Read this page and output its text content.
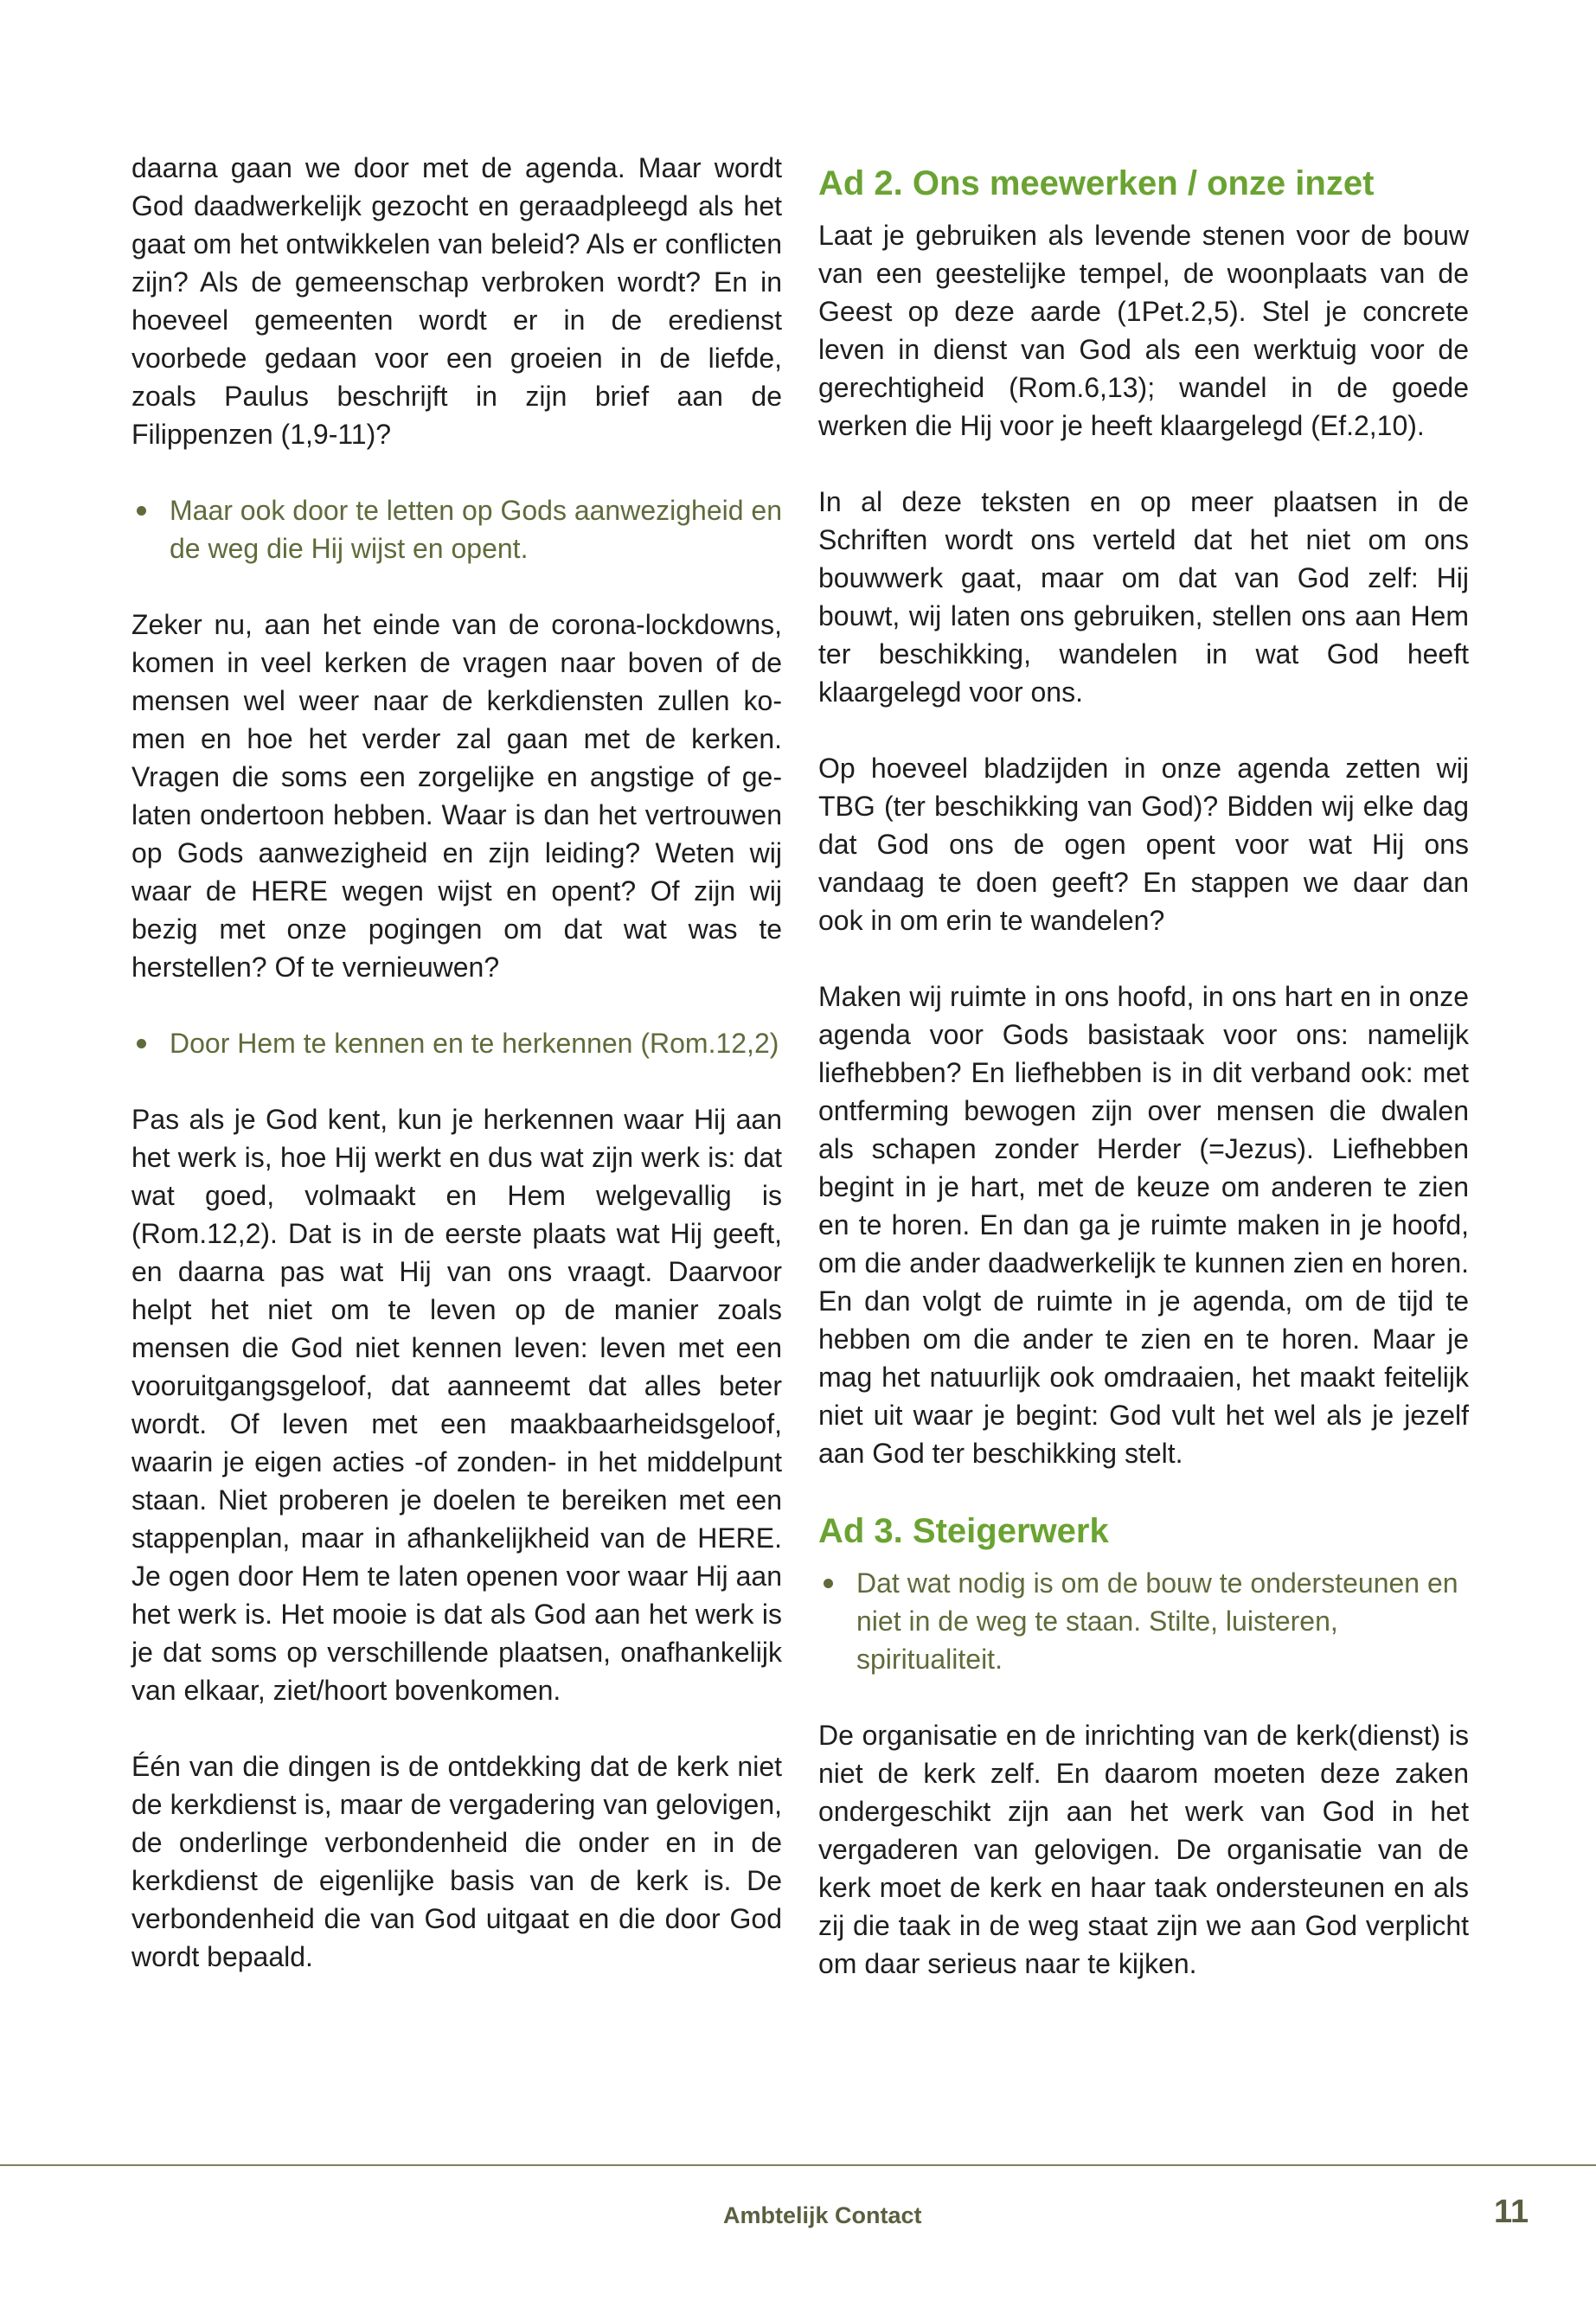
daarna gaan we door met de agenda. Maar wordt God daadwerkelijk gezocht en geraadpleegd als het gaat om het ontwikkelen van beleid? Als er conflicten zijn? Als de gemeenschap verbroken wordt? En in hoeveel gemeenten wordt er in de eredienst voorbede gedaan voor een groeien in de liefde, zoals Paulus beschrijft in zijn brief aan de Filippenzen (1,9-11)?

Maar ook door te letten op Gods aanwezigheid en de weg die Hij wijst en opent.

Zeker nu, aan het einde van de corona-lockdowns, komen in veel kerken de vragen naar boven of de mensen wel weer naar de kerkdiensten zullen komen en hoe het verder zal gaan met de kerken. Vragen die soms een zorgelijke en angstige of gelaten ondertoon hebben. Waar is dan het vertrouwen op Gods aanwezigheid en zijn leiding? Weten wij waar de HERE wegen wijst en opent? Of zijn wij bezig met onze pogingen om dat wat was te herstellen? Of te vernieuwen?

Door Hem te kennen en te herkennen (Rom.12,2)

Pas als je God kent, kun je herkennen waar Hij aan het werk is, hoe Hij werkt en dus wat zijn werk is: dat wat goed, volmaakt en Hem welgevallig is (Rom.12,2). Dat is in de eerste plaats wat Hij geeft, en daarna pas wat Hij van ons vraagt. Daarvoor helpt het niet om te leven op de manier zoals mensen die God niet kennen leven: leven met een vooruitgangsgeloof, dat aanneemt dat alles beter wordt. Of leven met een maakbaarheidsgeloof, waarin je eigen acties -of zonden- in het middelpunt staan. Niet proberen je doelen te bereiken met een stappenplan, maar in afhankelijkheid van de HERE. Je ogen door Hem te laten openen voor waar Hij aan het werk is. Het mooie is dat als God aan het werk is je dat soms op verschillende plaatsen, onafhankelijk van elkaar, ziet/hoort bovenkomen.

Één van die dingen is de ontdekking dat de kerk niet de kerkdienst is, maar de vergadering van gelovigen, de onderlinge verbondenheid die onder en in de kerkdienst de eigenlijke basis van de kerk is. De verbondenheid die van God uitgaat en die door God wordt bepaald.

Ad 2. Ons meewerken / onze inzet

Laat je gebruiken als levende stenen voor de bouw van een geestelijke tempel, de woonplaats van de Geest op deze aarde (1Pet.2,5). Stel je concrete leven in dienst van God als een werktuig voor de gerechtigheid (Rom.6,13); wandel in de goede werken die Hij voor je heeft klaargelegd (Ef.2,10).

In al deze teksten en op meer plaatsen in de Schriften wordt ons verteld dat het niet om ons bouwwerk gaat, maar om dat van God zelf: Hij bouwt, wij laten ons gebruiken, stellen ons aan Hem ter beschikking, wandelen in wat God heeft klaargelegd voor ons.

Op hoeveel bladzijden in onze agenda zetten wij TBG (ter beschikking van God)? Bidden wij elke dag dat God ons de ogen opent voor wat Hij ons vandaag te doen geeft? En stappen we daar dan ook in om erin te wandelen?

Maken wij ruimte in ons hoofd, in ons hart en in onze agenda voor Gods basistaak voor ons: namelijk liefhebben? En liefhebben is in dit verband ook: met ontferming bewogen zijn over mensen die dwalen als schapen zonder Herder (=Jezus). Liefhebben begint in je hart, met de keuze om anderen te zien en te horen. En dan ga je ruimte maken in je hoofd, om die ander daadwerkelijk te kunnen zien en horen. En dan volgt de ruimte in je agenda, om de tijd te hebben om die ander te zien en te horen. Maar je mag het natuurlijk ook omdraaien, het maakt feitelijk niet uit waar je begint: God vult het wel als je jezelf aan God ter beschikking stelt.

Ad 3. Steigerwerk
Dat wat nodig is om de bouw te ondersteunen en niet in de weg te staan. Stilte, luisteren, spiritualiteit.

De organisatie en de inrichting van de kerk(dienst) is niet de kerk zelf. En daarom moeten deze zaken ondergeschikt zijn aan het werk van God in het vergaderen van gelovigen. De organisatie van de kerk moet de kerk en haar taak ondersteunen en als zij die taak in de weg staat zijn we aan God verplicht om daar serieus naar te kijken.

Ambtelijk Contact	11
